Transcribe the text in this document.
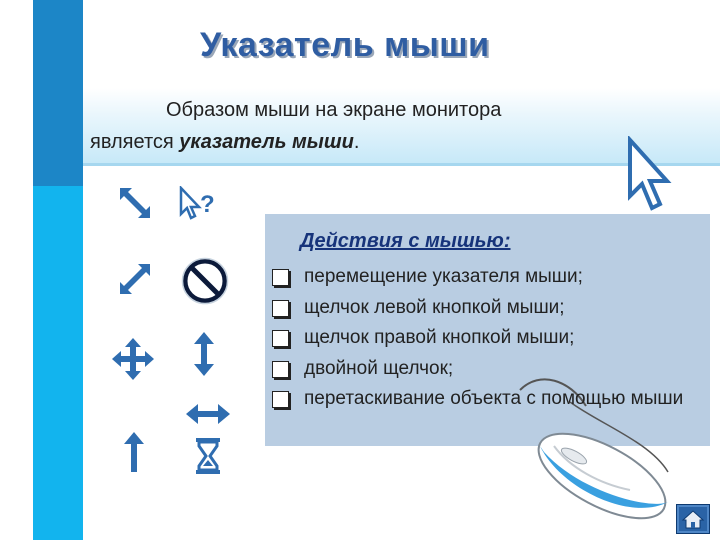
Указатель мыши
Образом мыши на экране монитора
является указатель мыши.
?
Действия с мышью:
перемещение указателя мыши;
щелчок левой кнопкой мыши;
щелчок правой кнопкой мыши;
двойной щелчок;
перетаскивание объекта с помощью мыши
